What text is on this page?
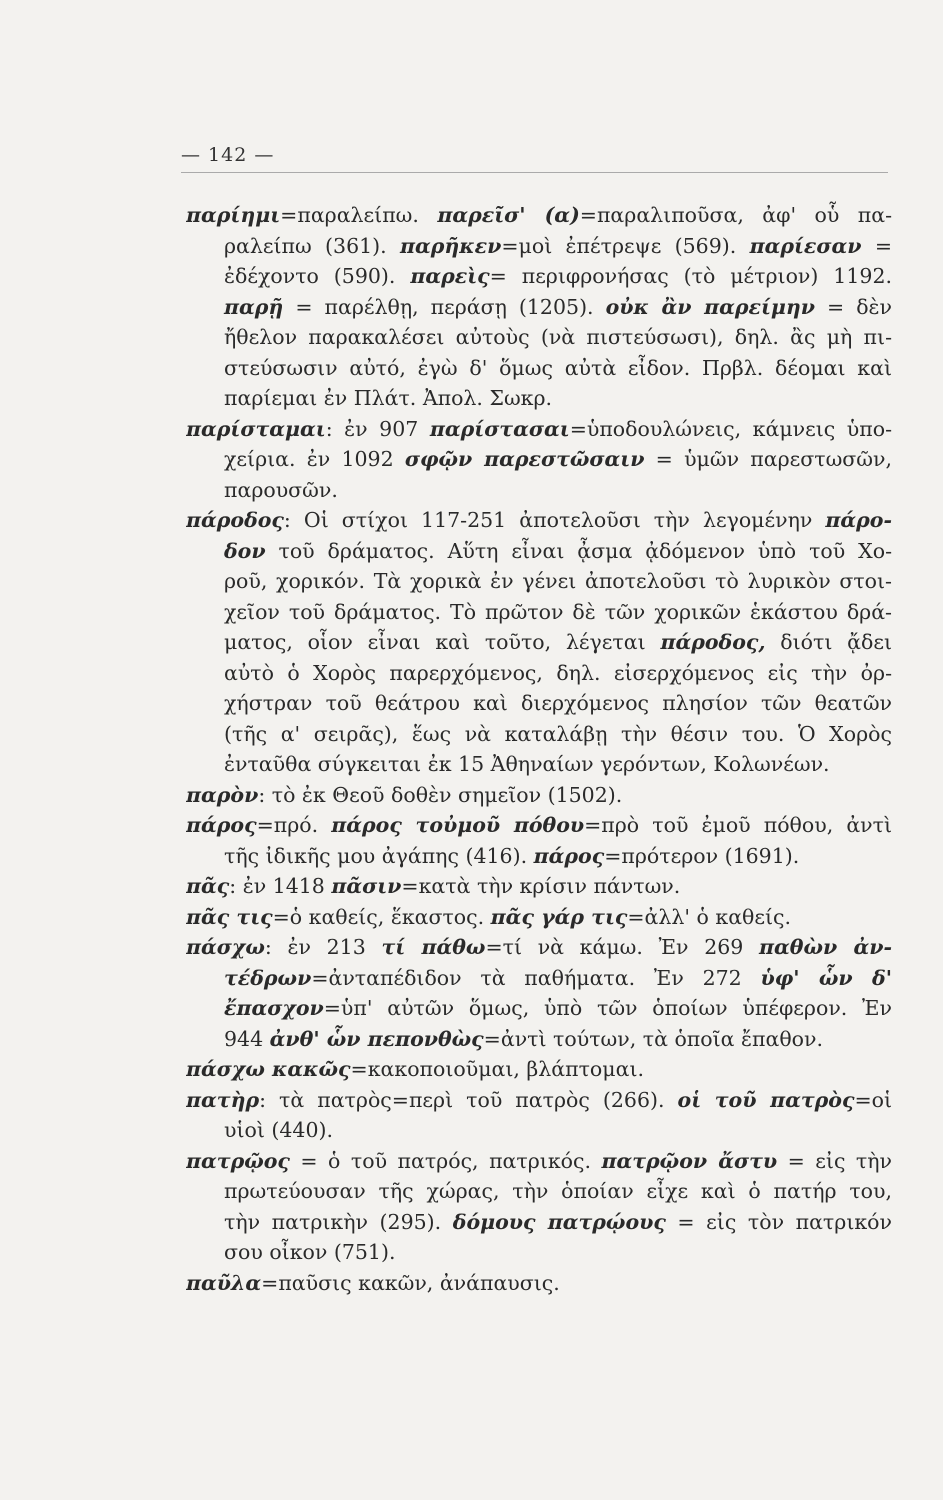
— 142 —
παρίημι=παραλείπω. παρεῖσ' (α)=παραλιποῦσα, ἀφ' οὗ πα-
ραλείπω (361). παρῆκεν=μοὶ ἐπέτρεψε (569). παρίεσαν =
ἐδέχοντο (590). παρεὶς= περιφρονήσας (τὸ μέτριον) 1192.
παρῇ = παρέλθῃ, περάσῃ (1205). οὐκ ἂν παρείμην = δὲν
ἤθελον παρακαλέσει αὐτοὺς (νὰ πιστεύσωσι), δηλ. ἂς μὴ πι-
στεύσωσιν αὐτό, ἐγὼ δ' ὅμως αὐτὰ εἶδον. Πρβλ. δέομαι καὶ
παρίεμαι ἐν Πλάτ. Ἀπολ. Σωκρ.
παρίσταμαι: ἐν 907 παρίστασαι=ὑποδουλώνεις, κάμνεις ὑπο-
χείρια. ἐν 1092 σφῷν παρεστῶσαιν = ὑμῶν παρεστωσῶν,
παρουσῶν.
πάροδος: Οἱ στίχοι 117-251 ἀποτελοῦσι τὴν λεγομένην πάρο-
δον τοῦ δράματος. Αὕτη εἶναι ᾆσμα ᾀδόμενον ὑπὸ τοῦ Χο-
ροῦ, χορικόν. Τὰ χορικὰ ἐν γένει ἀποτελοῦσι τὸ λυρικὸν στοι-
χεῖον τοῦ δράματος. Τὸ πρῶτον δὲ τῶν χορικῶν ἑκάστου δρά-
ματος, οἷον εἶναι καὶ τοῦτο, λέγεται πάροδος, διότι ᾄδει
αὐτὸ ὁ Χορὸς παρερχόμενος, δηλ. εἰσερχόμενος εἰς τὴν ὀρ-
χήστραν τοῦ θεάτρου καὶ διερχόμενος πλησίον τῶν θεατῶν
(τῆς α' σειρᾶς), ἕως νὰ καταλάβῃ τὴν θέσιν του. Ὁ Χορὸς
ἐνταῦθα σύγκειται ἐκ 15 Ἀθηναίων γερόντων, Κολωνέων.
παρὸν: τὸ ἐκ Θεοῦ δοθὲν σημεῖον (1502).
πάρος=πρό. πάρος τοὐμοῦ πόθου=πρὸ τοῦ ἐμοῦ πόθου, ἀντὶ
τῆς ἰδικῆς μου ἀγάπης (416). πάρος=πρότερον (1691).
πᾶς: ἐν 1418 πᾶσιν=κατὰ τὴν κρίσιν πάντων.
πᾶς τις=ὁ καθείς, ἕκαστος. πᾶς γάρ τις=ἀλλ' ὁ καθείς.
πάσχω: ἐν 213 τί πάθω=τί νὰ κάμω. Ἐν 269 παθὼν ἀν-
τέδρων=ἀνταπέδιδον τὰ παθήματα. Ἐν 272 ὑφ' ὧν δ'
ἔπασχον=ὑπ' αὐτῶν ὅμως, ὑπὸ τῶν ὁποίων ὑπέφερον. Ἐν
944 ἀνθ' ὧν πεπονθὼς=ἀντὶ τούτων, τὰ ὁποῖα ἔπαθον.
πάσχω κακῶς=κακοποιοῦμαι, βλάπτομαι.
πατὴρ: τὰ πατρὸς=περὶ τοῦ πατρὸς (266). οἱ τοῦ πατρὸς=οἱ
υἱοὶ (440).
πατρῷος = ὁ τοῦ πατρός, πατρικός. πατρῷον ἄστυ = εἰς τὴν
πρωτεύουσαν τῆς χώρας, τὴν ὁποίαν εἶχε καὶ ὁ πατήρ του,
τὴν πατρικὴν (295). δόμους πατρῴους = εἰς τὸν πατρικόν
σου οἶκον (751).
παῦλα=παῦσις κακῶν, ἀνάπαυσις.
